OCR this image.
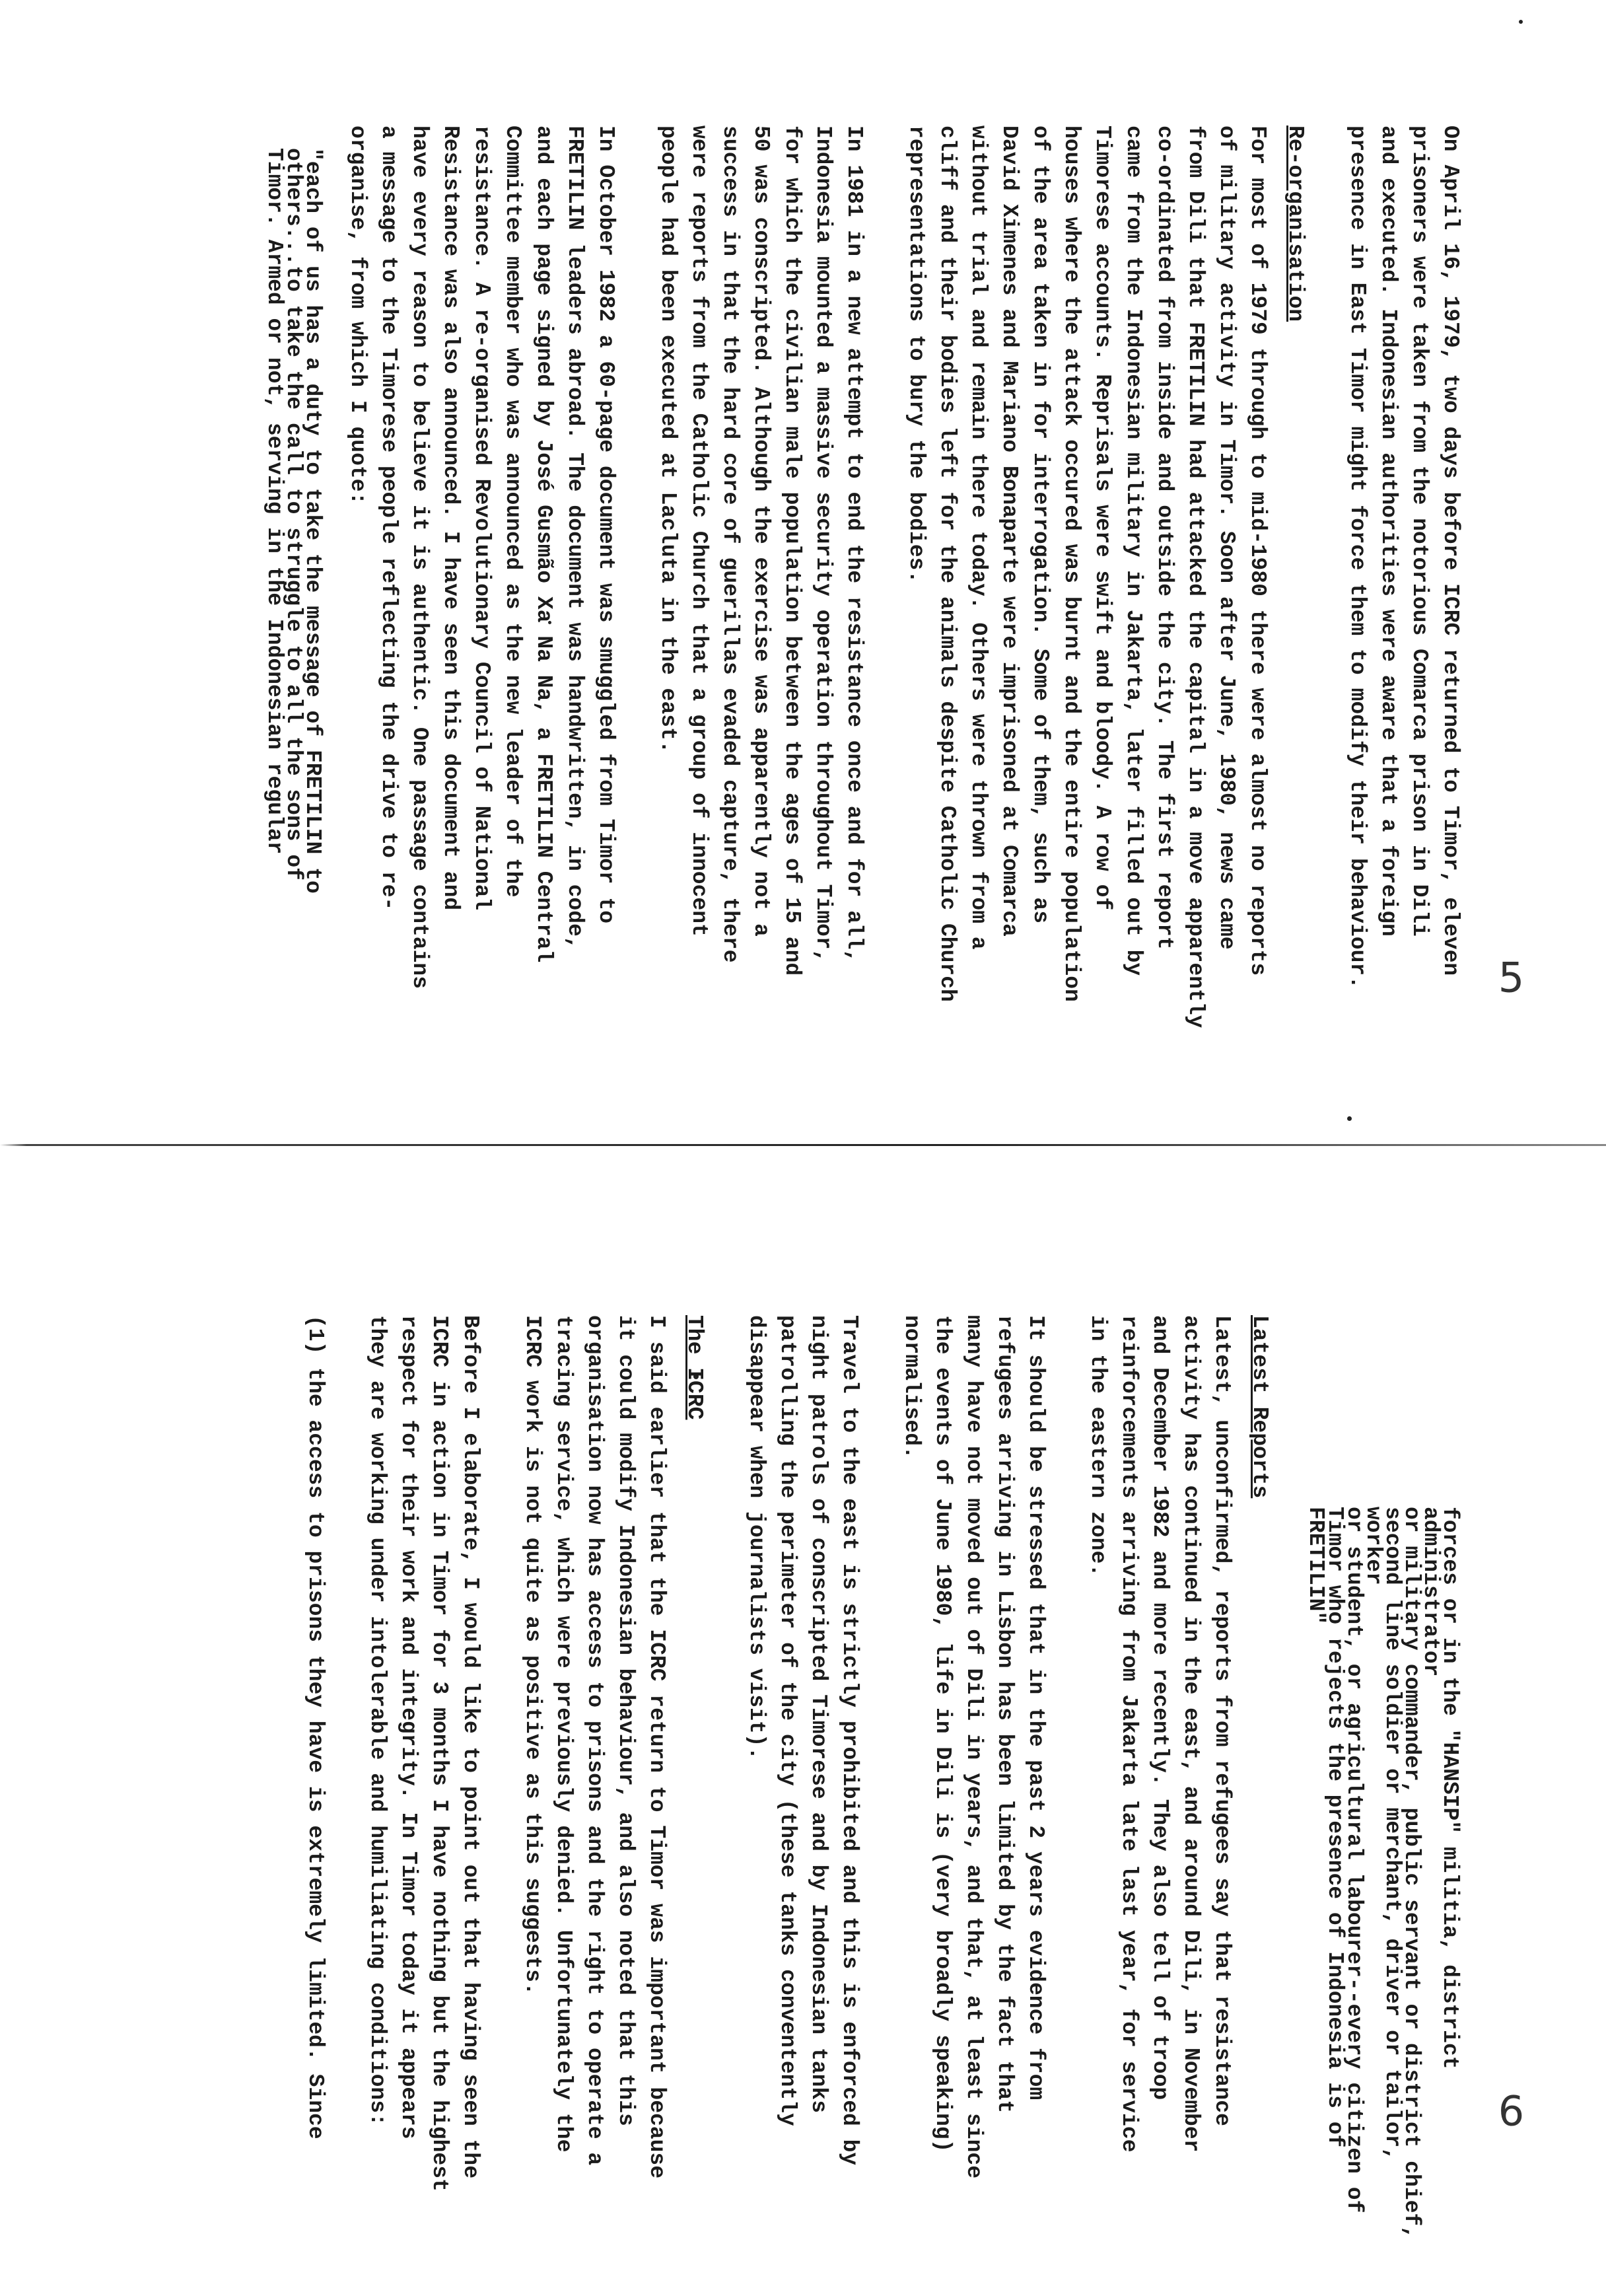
5

On April 16, 1979, two days before ICRC returned to Timor, eleven
prisoners were taken from the notorious Comarca prison in Dili
and executed. Indonesian authorities were aware that a foreign
presence in East Timor might force them to modify their behaviour.

Re-organisation

For most of 1979 through to mid-1980 there were almost no reports
of military activity in Timor. Soon after June, 1980, news came
from Dili that FRETILIN had attacked the capital in a move apparently
co-ordinated from inside and outside the city. The first report
came from the Indonesian military in Jakarta, later filled out by
Timorese accounts. Reprisals were swift and bloody. A row of
houses where the attack occured was burnt and the entire population
of the area taken in for interrogation. Some of them, such as
David Ximenes and Mariano Bonaparte were imprisoned at Comarca
without trial and remain there today. Others were thrown from a
cliff and their bodies left for the animals despite Catholic Church
representations to bury the bodies.

In 1981 in a new attempt to end the resistance once and for all,
Indonesia mounted a massive security operation throughout Timor,
for which the civilian male population between the ages of 15 and
50 was conscripted. Although the exercise was apparently not a
success in that the hard core of guerillas evaded capture, there
were reports from the Catholic Church that a group of innocent
people had been executed at Lacluta in the east.

In October 1982 a 60-page document was smuggled from Timor to
FRETILIN leaders abroad. The document was handwritten, in code,
and each page signed by José Gusmão Xa Na Na, a FRETILIN Central
Committee member who was announced as the new leader of the
resistance. A re-organised Revolutionary Council of National
Resistance was also announced. I have seen this document and
have every reason to believe it is authentic. One passage contains
a message to the Timorese people reflecting the drive to re-
organise, from which I quote:

"each of us has a duty to take the message of FRETILIN to
others...to take the call to struggle to all the sons of
Timor. Armed or not, serving in the Indonesian regular
6
forces or in the "HANSIP" militia, district administrator
or military commander, public servant or district chief,
second line soldier or merchant, driver or tailor, worker
or student, or agricultural labourer--every citizen of
Timor who rejects the presence of Indonesia is of FRETILIN"

Latest Reports

Latest, unconfirmed, reports from refugees say that resistance
activity has continued in the east, and around Dili, in November
and December 1982 and more recently. They also tell of troop
reinforcements arriving from Jakarta late last year, for service
in the eastern zone.

It should be stressed that in the past 2 years evidence from
refugees arriving in Lisbon has been limited by the fact that
many have not moved out of Dili in years, and that, at least since
the events of June 1980, life in Dili is (very broadly speaking)
normalised.

Travel to the east is strictly prohibited and this is enforced by
night patrols of conscripted Timorese and by Indonesian tanks
patrolling the perimeter of the city (these tanks conventently
disappear when journalists visit).

The ICRC

I said earlier that the ICRC return to Timor was important because
it could modify Indonesian behaviour, and also noted that this
organisation now has access to prisons and the right to operate a
tracing service, which were previously denied. Unfortunately the
ICRC work is not quite as positive as this suggests.

Before I elaborate, I would like to point out that having seen the
ICRC in action in Timor for 3 months I have nothing but the highest
respect for their work and integrity. In Timor today it appears
they are working under intolerable and humiliating conditions:

(1) the access to prisons they have is extremely limited. Since
